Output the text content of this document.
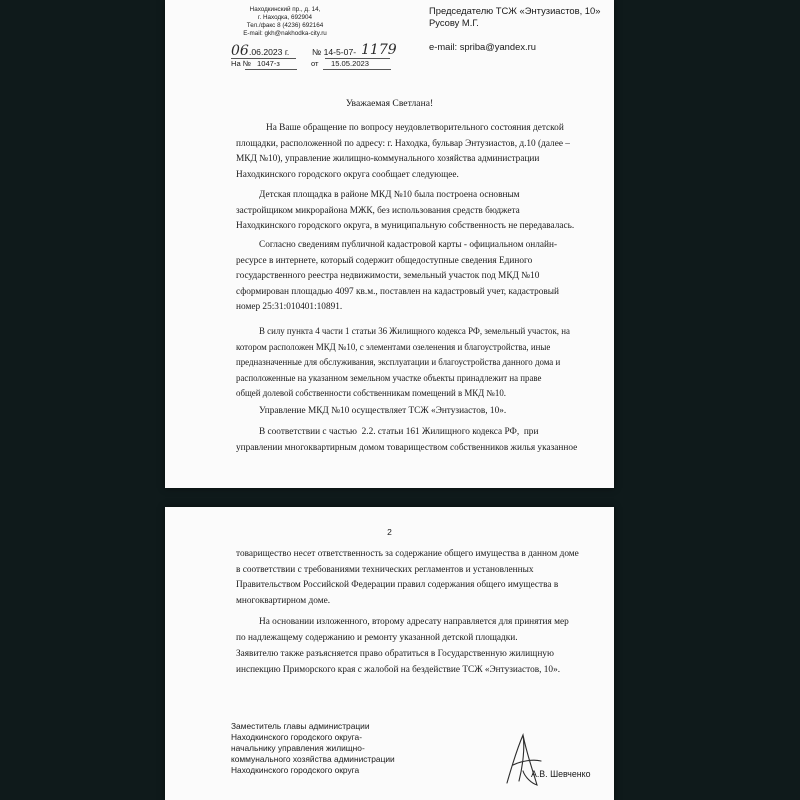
Находкинский пр., д. 14,
г. Находка, 692904
Тел./факс 8 (4236) 692164
E-mail: gkh@nakhodka-city.ru
06 .06.2023 г.	№ 14-5-07- 1179
На № 1047-з	от 15.05.2023
Председателю ТСЖ «Энтузиастов, 10»
Русову М.Г.
e-mail: spriba@yandex.ru
Уважаемая Светлана!
На Ваше обращение по вопросу неудовлетворительного состояния детской
площадки, расположенной по адресу: г. Находка, бульвар Энтузиастов, д.10 (далее –
МКД №10), управление жилищно-коммунального хозяйства администрации
Находкинского городского округа сообщает следующее.
Детская площадка в районе МКД №10 была построена основным
застройщиком микрорайона МЖК, без использования средств бюджета
Находкинского городского округа, в муниципальную собственность не передавалась.
Согласно сведениям публичной кадастровой карты - официальном онлайн-
ресурсе в интернете, который содержит общедоступные сведения Единого
государственного реестра недвижимости, земельный участок под МКД №10
сформирован площадью 4097 кв.м., поставлен на кадастровый учет, кадастровый
номер 25:31:010401:10891.
В силу пункта 4 части 1 статьи 36 Жилищного кодекса РФ, земельный участок, на
котором расположен МКД №10, с элементами озеленения и благоустройства, иные
предназначенные для обслуживания, эксплуатации и благоустройства данного дома и
расположенные на указанном земельном участке объекты принадлежит на праве
общей долевой собственности собственникам помещений в МКД №10.
Управление МКД №10 осуществляет ТСЖ «Энтузиастов, 10».
В соответствии с частью  2.2. статьи 161 Жилищного кодекса РФ,  при
управлении многоквартирным домом товариществом собственников жилья указанное
2
товарищество несет ответственность за содержание общего имущества в данном доме
в соответствии с требованиями технических регламентов и установленных
Правительством Российской Федерации правил содержания общего имущества в
многоквартирном доме.
На основании изложенного, второму адресату направляется для принятия мер
по надлежащему содержанию и ремонту указанной детской площадки.
Заявителю также разъясняется право обратиться в Государственную жилищную
инспекцию Приморского края с жалобой на бездействие ТСЖ «Энтузиастов, 10».
Заместитель главы администрации
Находкинского городского округа-
начальнику управления жилищно-
коммунального хозяйства администрации
Находкинского городского округа	А.В. Шевченко
